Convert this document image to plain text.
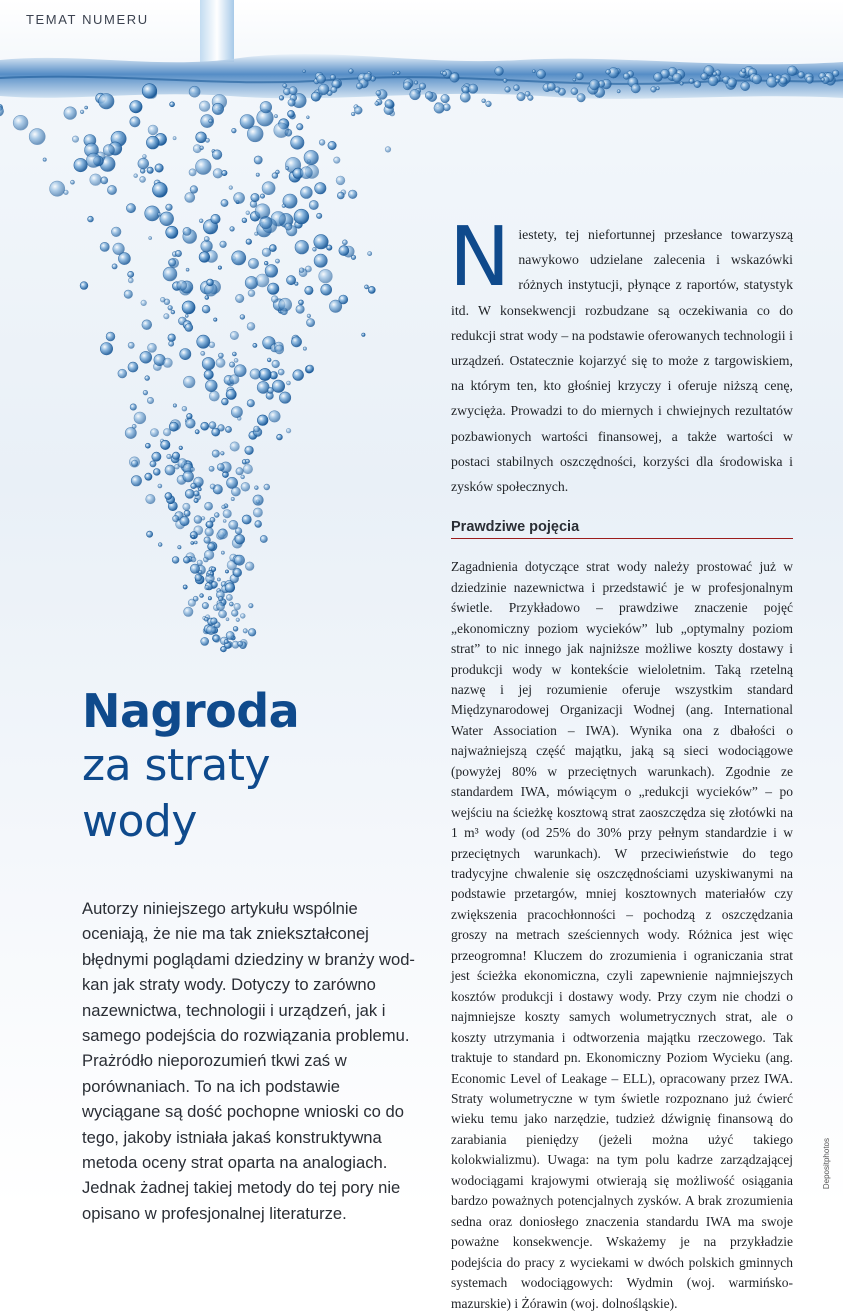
TEMAT NUMERU
Nagroda
za straty
wody

Autorzy niniejszego artykułu wspólnie oceniają, że nie ma tak zniekształconej błędnymi poglądami dziedziny w branży wod-kan jak straty wody. Dotyczy to zarówno nazewnictwa, technologii i urządzeń, jak i samego podejścia do rozwiązania problemu. Prażródło nieporozumień tkwi zaś w porównaniach. To na ich podstawie wyciągane są dość pochopne wnioski co do tego, jakoby istniała jakaś konstruktywna metoda oceny strat oparta na analogiach. Jednak żadnej takiej metody do tej pory nie opisano w profesjonalnej literaturze.

N iestety, tej niefortunnej przesłance towarzyszą nawykowo udzielane zalecenia i wskazówki różnych instytucji, płynące z raportów, statystyk itd. W konsekwencji rozbudzane są oczekiwania co do redukcji strat wody – na podstawie oferowanych technologii i urządzeń. Ostatecznie kojarzyć się to może z targowiskiem, na którym ten, kto głośniej krzyczy i oferuje niższą cenę, zwycięża. Prowadzi to do miernych i chwiejnych rezultatów pozbawionych wartości finansowej, a także wartości w postaci stabilnych oszczędności, korzyści dla środowiska i zysków społecznych.

Prawdziwe pojęcia

Zagadnienia dotyczące strat wody należy prostować już w dziedzinie nazewnictwa i przedstawić je w profesjonalnym świetle. Przykładowo – prawdziwe znaczenie pojęć „ekonomiczny poziom wycieków” lub „optymalny poziom strat” to nic innego jak najniższe możliwe koszty dostawy i produkcji wody w kontekście wieloletnim. Taką rzetelną nazwę i jej rozumienie oferuje wszystkim standard Międzynarodowej Organizacji Wodnej (ang. International Water Association – IWA). Wynika ona z dbałości o najważniejszą część majątku, jaką są sieci wodociągowe (powyżej 80% w przeciętnych warunkach). Zgodnie ze standardem IWA, mówiącym o „redukcji wycieków” – po wejściu na ścieżkę kosztową strat zaoszczędza się złotówki na 1 m³ wody (od 25% do 30% przy pełnym standardzie i w przeciętnych warunkach). W przeciwieństwie do tego tradycyjne chwalenie się oszczędnościami uzyskiwanymi na podstawie przetargów, mniej kosztownych materiałów czy zwiększenia pracochłonności – pochodzą z oszczędzania groszy na metrach sześciennych wody. Różnica jest więc przeogromna! Kluczem do zrozumienia i ograniczania strat jest ścieżka ekonomiczna, czyli zapewnienie najmniejszych kosztów produkcji i dostawy wody. Przy czym nie chodzi o najmniejsze koszty samych wolumetrycznych strat, ale o koszty utrzymania i odtworzenia majątku rzeczowego. Tak traktuje to standard pn. Ekonomiczny Poziom Wycieku (ang. Economic Level of Leakage – ELL), opracowany przez IWA. Straty wolumetryczne w tym świetle rozpoznano już ćwierć wieku temu jako narzędzie, tudzież dźwignię finansową do zarabiania pieniędzy (jeżeli można użyć takiego kolokwializmu). Uwaga: na tym polu kadrze zarządzającej wodociągami krajowymi otwierają się możliwość osiągania bardzo poważnych potencjalnych zysków. A brak zrozumienia sedna oraz doniosłego znaczenia standardu IWA ma swoje poważne konsekwencje. Wskażemy je na przykładzie podejścia do pracy z wyciekami w dwóch polskich gminnych systemach wodociągowych: Wydmin (woj. warmińsko-mazurskie) i Żórawin (woj. dolnośląskie).

Depositphotos
